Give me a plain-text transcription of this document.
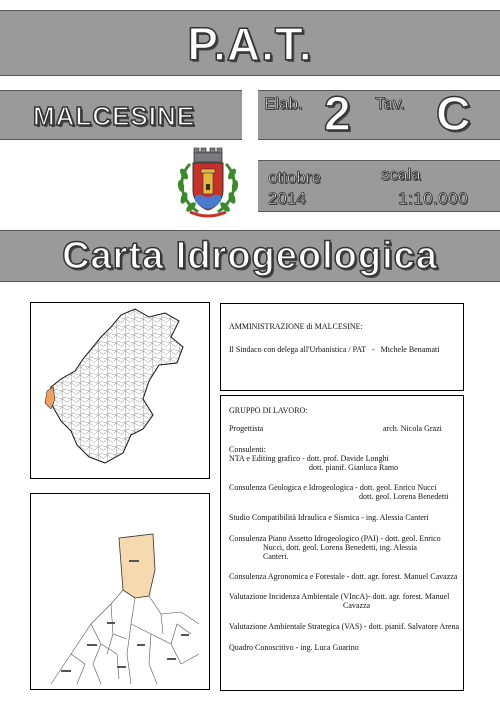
P.A.T.
MALCESINE	Elab. 2 Tav. C
ottobre
2014
scala
1:10.000
Carta Idrogeologica
AMMINISTRAZIONE di MALCESINE:
Il Sindaco con delega all'Urbanistica / PAT   -   Michele Benamati
GRUPPO DI LAVORO:
Progettista	arch. Nicola Grazi
Consulenti:
NTA e Editing grafico - dott. prof. Davide Longhi
dott. pianif. Gianluca Ramo
Consulenza Geologica e Idrogeologica - dott. geol. Enrico Nucci
dott. geol. Lorena Benedetti
Studio Compatibilità Idraulica e Sismica - ing. Alessia Canteri
Consulenza Piano Assetto Idrogeologico (PAI) - dott. geol. Enrico
Nucci, dott. geol. Lorena Benedetti, ing. Alessia
Canteri.
Consulenza Agronomica e Forestale - dott. agr. forest. Manuel Cavazza
Valutazione Incidenza Ambientale (VIncA)- dott. agr. forest. Manuel
Cavazza
Valutazione Ambientale Strategica (VAS) - dott. pianif. Salvatore Arena
Quadro Conoscitivo - ing. Luca Guarino
